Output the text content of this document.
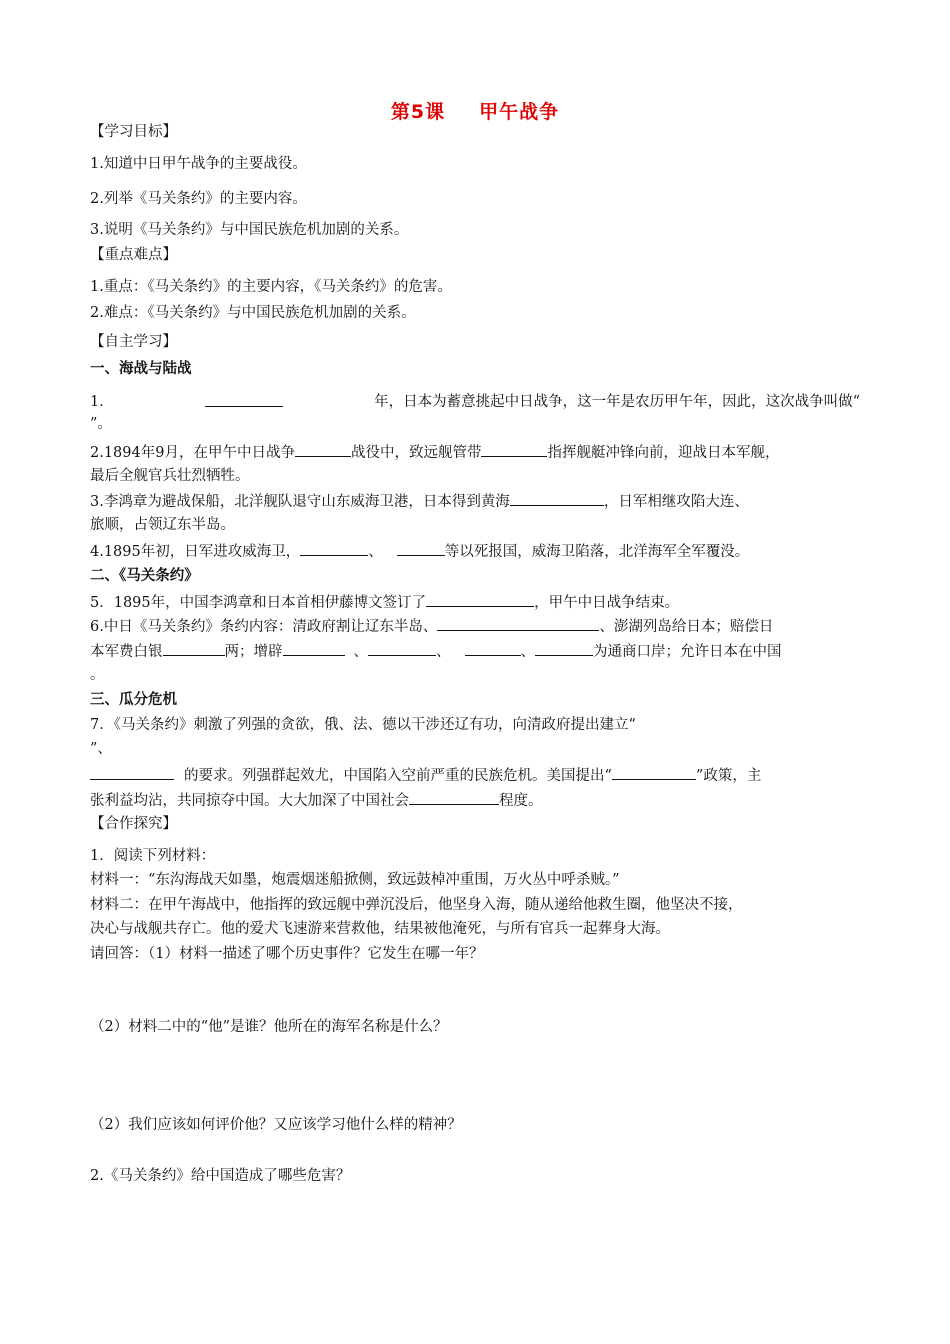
第5课 甲午战争
【学习目标】
1.知道中日甲午战争的主要战役。
2.列举《马关条约》的主要内容。
3.说明《马关条约》与中国民族危机加剧的关系。
【重点难点】
1.重点：《马关条约》的主要内容，《马关条约》的危害。
2.难点：《马关条约》与中国民族危机加剧的关系。
【自主学习】
一、海战与陆战
1．	年，日本为蓄意挑起中日战争，这一年是农历甲午年，因此，这次战争叫做“
”。
2.1894年9月，在甲午中日战争	战役中，致远舰管带	指挥舰艇冲锋向前，迎战日本军舰，
最后全舰官兵壮烈牺牲。
3.李鸿章为避战保船，北洋舰队退守山东威海卫港，日本得到黄海	，日军相继攻陷大连、
旅顺，占领辽东半岛。
4.1895年初，日军进攻威海卫，	、	等以死报国，威海卫陷落，北洋海军全军覆没。
二、《马关条约》
5．1895年，中国李鸿章和日本首相伊藤博文签订了	，甲午中日战争结束。
6.中日《马关条约》条约内容：清政府割让辽东半岛、	、澎湖列岛给日本；赔偿日
本军费白银	两；增辟	、	、	、	为通商口岸；允许日本在中国
。
三、瓜分危机
7．《马关条约》刺激了列强的贪欲，俄、法、德以干涉还辽有功，向清政府提出建立“
”、
的要求。列强群起效尤，中国陷入空前严重的民族危机。美国提出“	”政策，主
张利益均沾，共同掠夺中国。大大加深了中国社会	程度。
【合作探究】
1．阅读下列材料：
材料一：“东沟海战天如墨，炮震烟迷船掀侧，致远鼓棹冲重围，万火丛中呼杀贼。”
材料二：在甲午海战中，他指挥的致远舰中弹沉没后，他坚身入海，随从递给他救生圈，他坚决不接，
决心与战舰共存亡。他的爱犬飞速游来营救他，结果被他淹死，与所有官兵一起葬身大海。
请回答：（1）材料一描述了哪个历史事件？它发生在哪一年？
（2）材料二中的“他”是谁？他所在的海军名称是什么？
（2）我们应该如何评价他？又应该学习他什么样的精神？
2.《马关条约》给中国造成了哪些危害？
